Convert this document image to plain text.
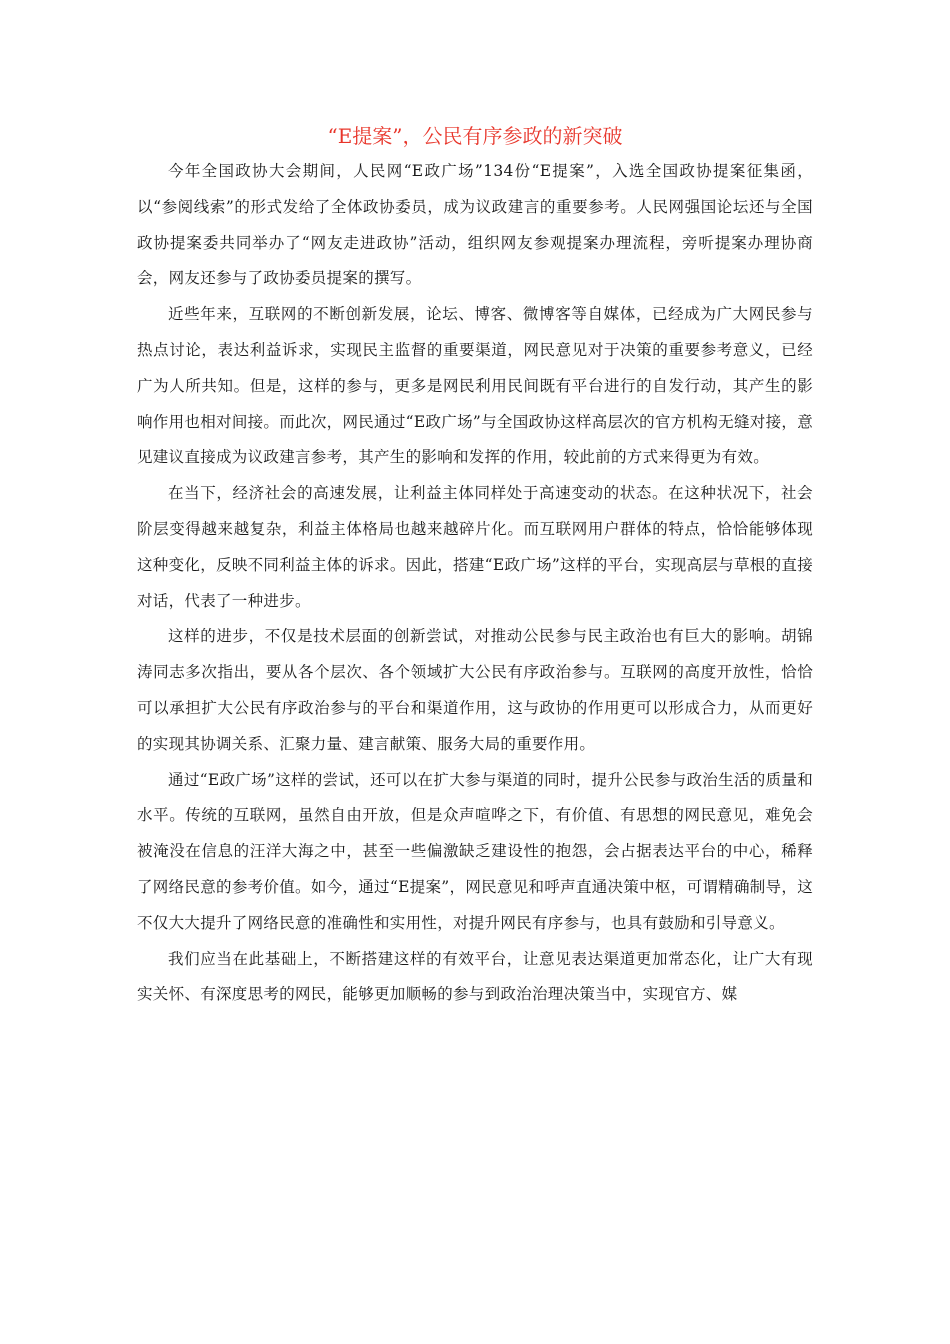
“E提案”，公民有序参政的新突破

今年全国政协大会期间，人民网“E政广场”134份“E提案”，入选全国政协提案征集函，以“参阅线索”的形式发给了全体政协委员，成为议政建言的重要参考。人民网强国论坛还与全国政协提案委共同举办了“网友走进政协”活动，组织网友参观提案办理流程，旁听提案办理协商会，网友还参与了政协委员提案的撰写。

近些年来，互联网的不断创新发展，论坛、博客、微博客等自媒体，已经成为广大网民参与热点讨论，表达利益诉求，实现民主监督的重要渠道，网民意见对于决策的重要参考意义，已经广为人所共知。但是，这样的参与，更多是网民利用民间既有平台进行的自发行动，其产生的影响作用也相对间接。而此次，网民通过“E政广场”与全国政协这样高层次的官方机构无缝对接，意见建议直接成为议政建言参考，其产生的影响和发挥的作用，较此前的方式来得更为有效。

在当下，经济社会的高速发展，让利益主体同样处于高速变动的状态。在这种状况下，社会阶层变得越来越复杂，利益主体格局也越来越碎片化。而互联网用户群体的特点，恰恰能够体现这种变化，反映不同利益主体的诉求。因此，搭建“E政广场”这样的平台，实现高层与草根的直接对话，代表了一种进步。

这样的进步，不仅是技术层面的创新尝试，对推动公民参与民主政治也有巨大的影响。胡锦涛同志多次指出，要从各个层次、各个领域扩大公民有序政治参与。互联网的高度开放性，恰恰可以承担扩大公民有序政治参与的平台和渠道作用，这与政协的作用更可以形成合力，从而更好的实现其协调关系、汇聚力量、建言献策、服务大局的重要作用。

通过“E政广场”这样的尝试，还可以在扩大参与渠道的同时，提升公民参与政治生活的质量和水平。传统的互联网，虽然自由开放，但是众声喧哗之下，有价值、有思想的网民意见，难免会被淹没在信息的汪洋大海之中，甚至一些偏激缺乏建设性的抱怨，会占据表达平台的中心，稀释了网络民意的参考价值。如今，通过“E提案”，网民意见和呼声直通决策中枢，可谓精确制导，这不仅大大提升了网络民意的准确性和实用性，对提升网民有序参与，也具有鼓励和引导意义。

我们应当在此基础上，不断搭建这样的有效平台，让意见表达渠道更加常态化，让广大有现实关怀、有深度思考的网民，能够更加顺畅的参与到政治治理决策当中，实现官方、媒
